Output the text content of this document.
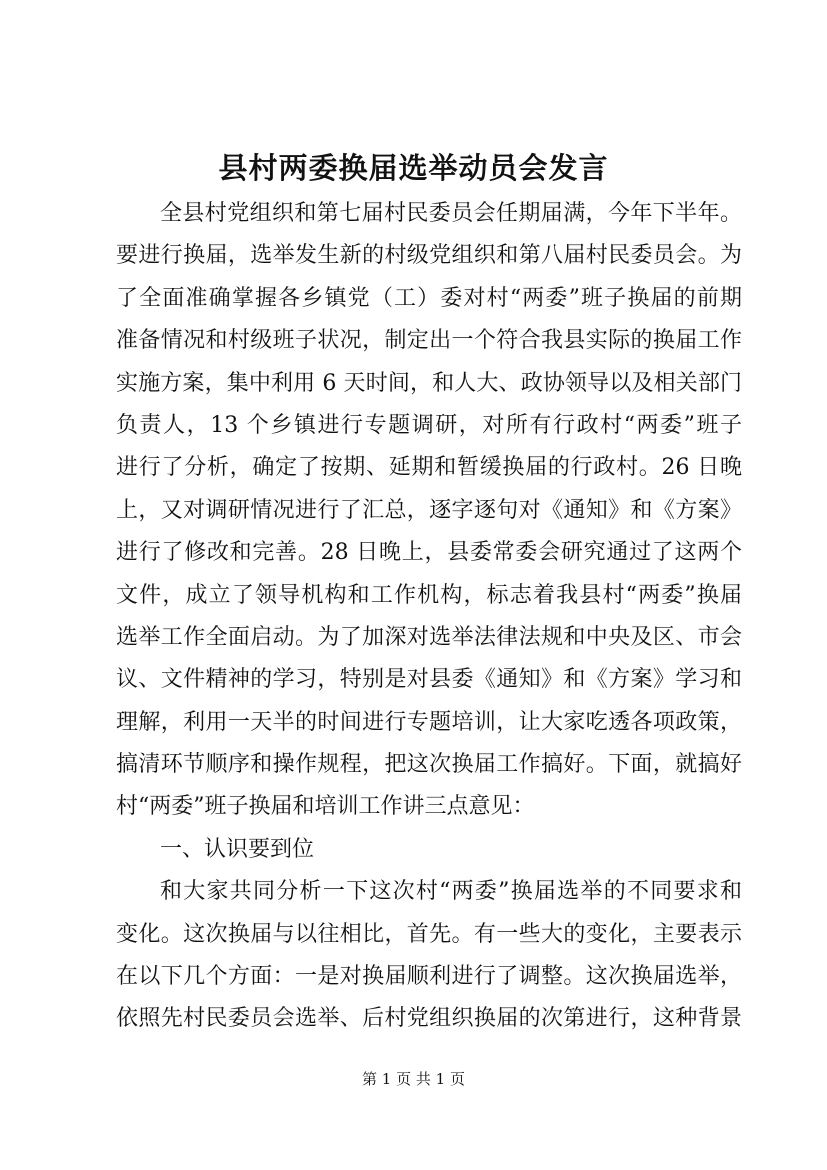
县村两委换届选举动员会发言
全县村党组织和第七届村民委员会任期届满，今年下半年。
要进行换届，选举发生新的村级党组织和第八届村民委员会。为
了全面准确掌握各乡镇党（工）委对村“两委”班子换届的前期
准备情况和村级班子状况，制定出一个符合我县实际的换届工作
实施方案，集中利用 6 天时间，和人大、政协领导以及相关部门
负责人，13 个乡镇进行专题调研，对所有行政村“两委”班子
进行了分析，确定了按期、延期和暂缓换届的行政村。26 日晚
上，又对调研情况进行了汇总，逐字逐句对《通知》和《方案》
进行了修改和完善。28 日晚上，县委常委会研究通过了这两个
文件，成立了领导机构和工作机构，标志着我县村“两委”换届
选举工作全面启动。为了加深对选举法律法规和中央及区、市会
议、文件精神的学习，特别是对县委《通知》和《方案》学习和
理解，利用一天半的时间进行专题培训，让大家吃透各项政策，
搞清环节顺序和操作规程，把这次换届工作搞好。下面，就搞好
村“两委”班子换届和培训工作讲三点意见：
一、认识要到位
和大家共同分析一下这次村“两委”换届选举的不同要求和
变化。这次换届与以往相比，首先。有一些大的变化，主要表示
在以下几个方面：一是对换届顺利进行了调整。这次换届选举，
依照先村民委员会选举、后村党组织换届的次第进行，这种背景
第 1 页 共 1 页
